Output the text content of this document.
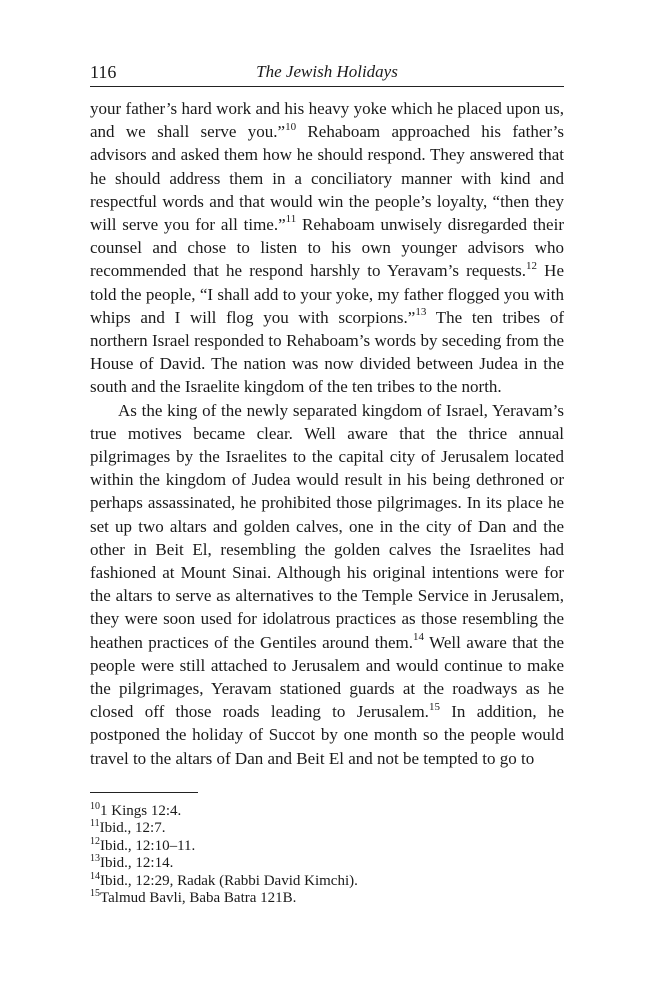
116	The Jewish Holidays

your father’s hard work and his heavy yoke which he placed upon us, and we shall serve you.”$^{10}$ Rehaboam approached his father’s advisors and asked them how he should respond. They answered that he should address them in a conciliatory manner with kind and respectful words and that would win the people’s loyalty, “then they will serve you for all time.”$^{11}$ Rehaboam unwisely disregarded their counsel and chose to listen to his own younger advisors who recommended that he respond harshly to Yeravam’s requests.$^{12}$ He told the people, “I shall add to your yoke, my father flogged you with whips and I will flog you with scorpions.”$^{13}$ The ten tribes of northern Israel responded to Rehaboam’s words by seceding from the House of David. The nation was now divided between Judea in the south and the Israelite kingdom of the ten tribes to the north.

As the king of the newly separated kingdom of Israel, Yeravam’s true motives became clear. Well aware that the thrice annual pilgrimages by the Israelites to the capital city of Jerusalem located within the kingdom of Judea would result in his being dethroned or perhaps assassinated, he prohibited those pilgrimages. In its place he set up two altars and golden calves, one in the city of Dan and the other in Beit El, resembling the golden calves the Israelites had fashioned at Mount Sinai. Although his original intentions were for the altars to serve as alternatives to the Temple Service in Jerusalem, they were soon used for idolatrous practices as those resembling the heathen practices of the Gentiles around them.$^{14}$ Well aware that the people were still attached to Jerusalem and would continue to make the pilgrimages, Yeravam stationed guards at the roadways as he closed off those roads leading to Jerusalem.$^{15}$ In addition, he postponed the holiday of Succot by one month so the people would travel to the altars of Dan and Beit El and not be tempted to go to

$^{10}$1 Kings 12:4.

$^{11}$Ibid., 12:7.

$^{12}$Ibid., 12:10–11.

$^{13}$Ibid., 12:14.

$^{14}$Ibid., 12:29, Radak (Rabbi David Kimchi).

$^{15}$Talmud Bavli, Baba Batra 121B.
